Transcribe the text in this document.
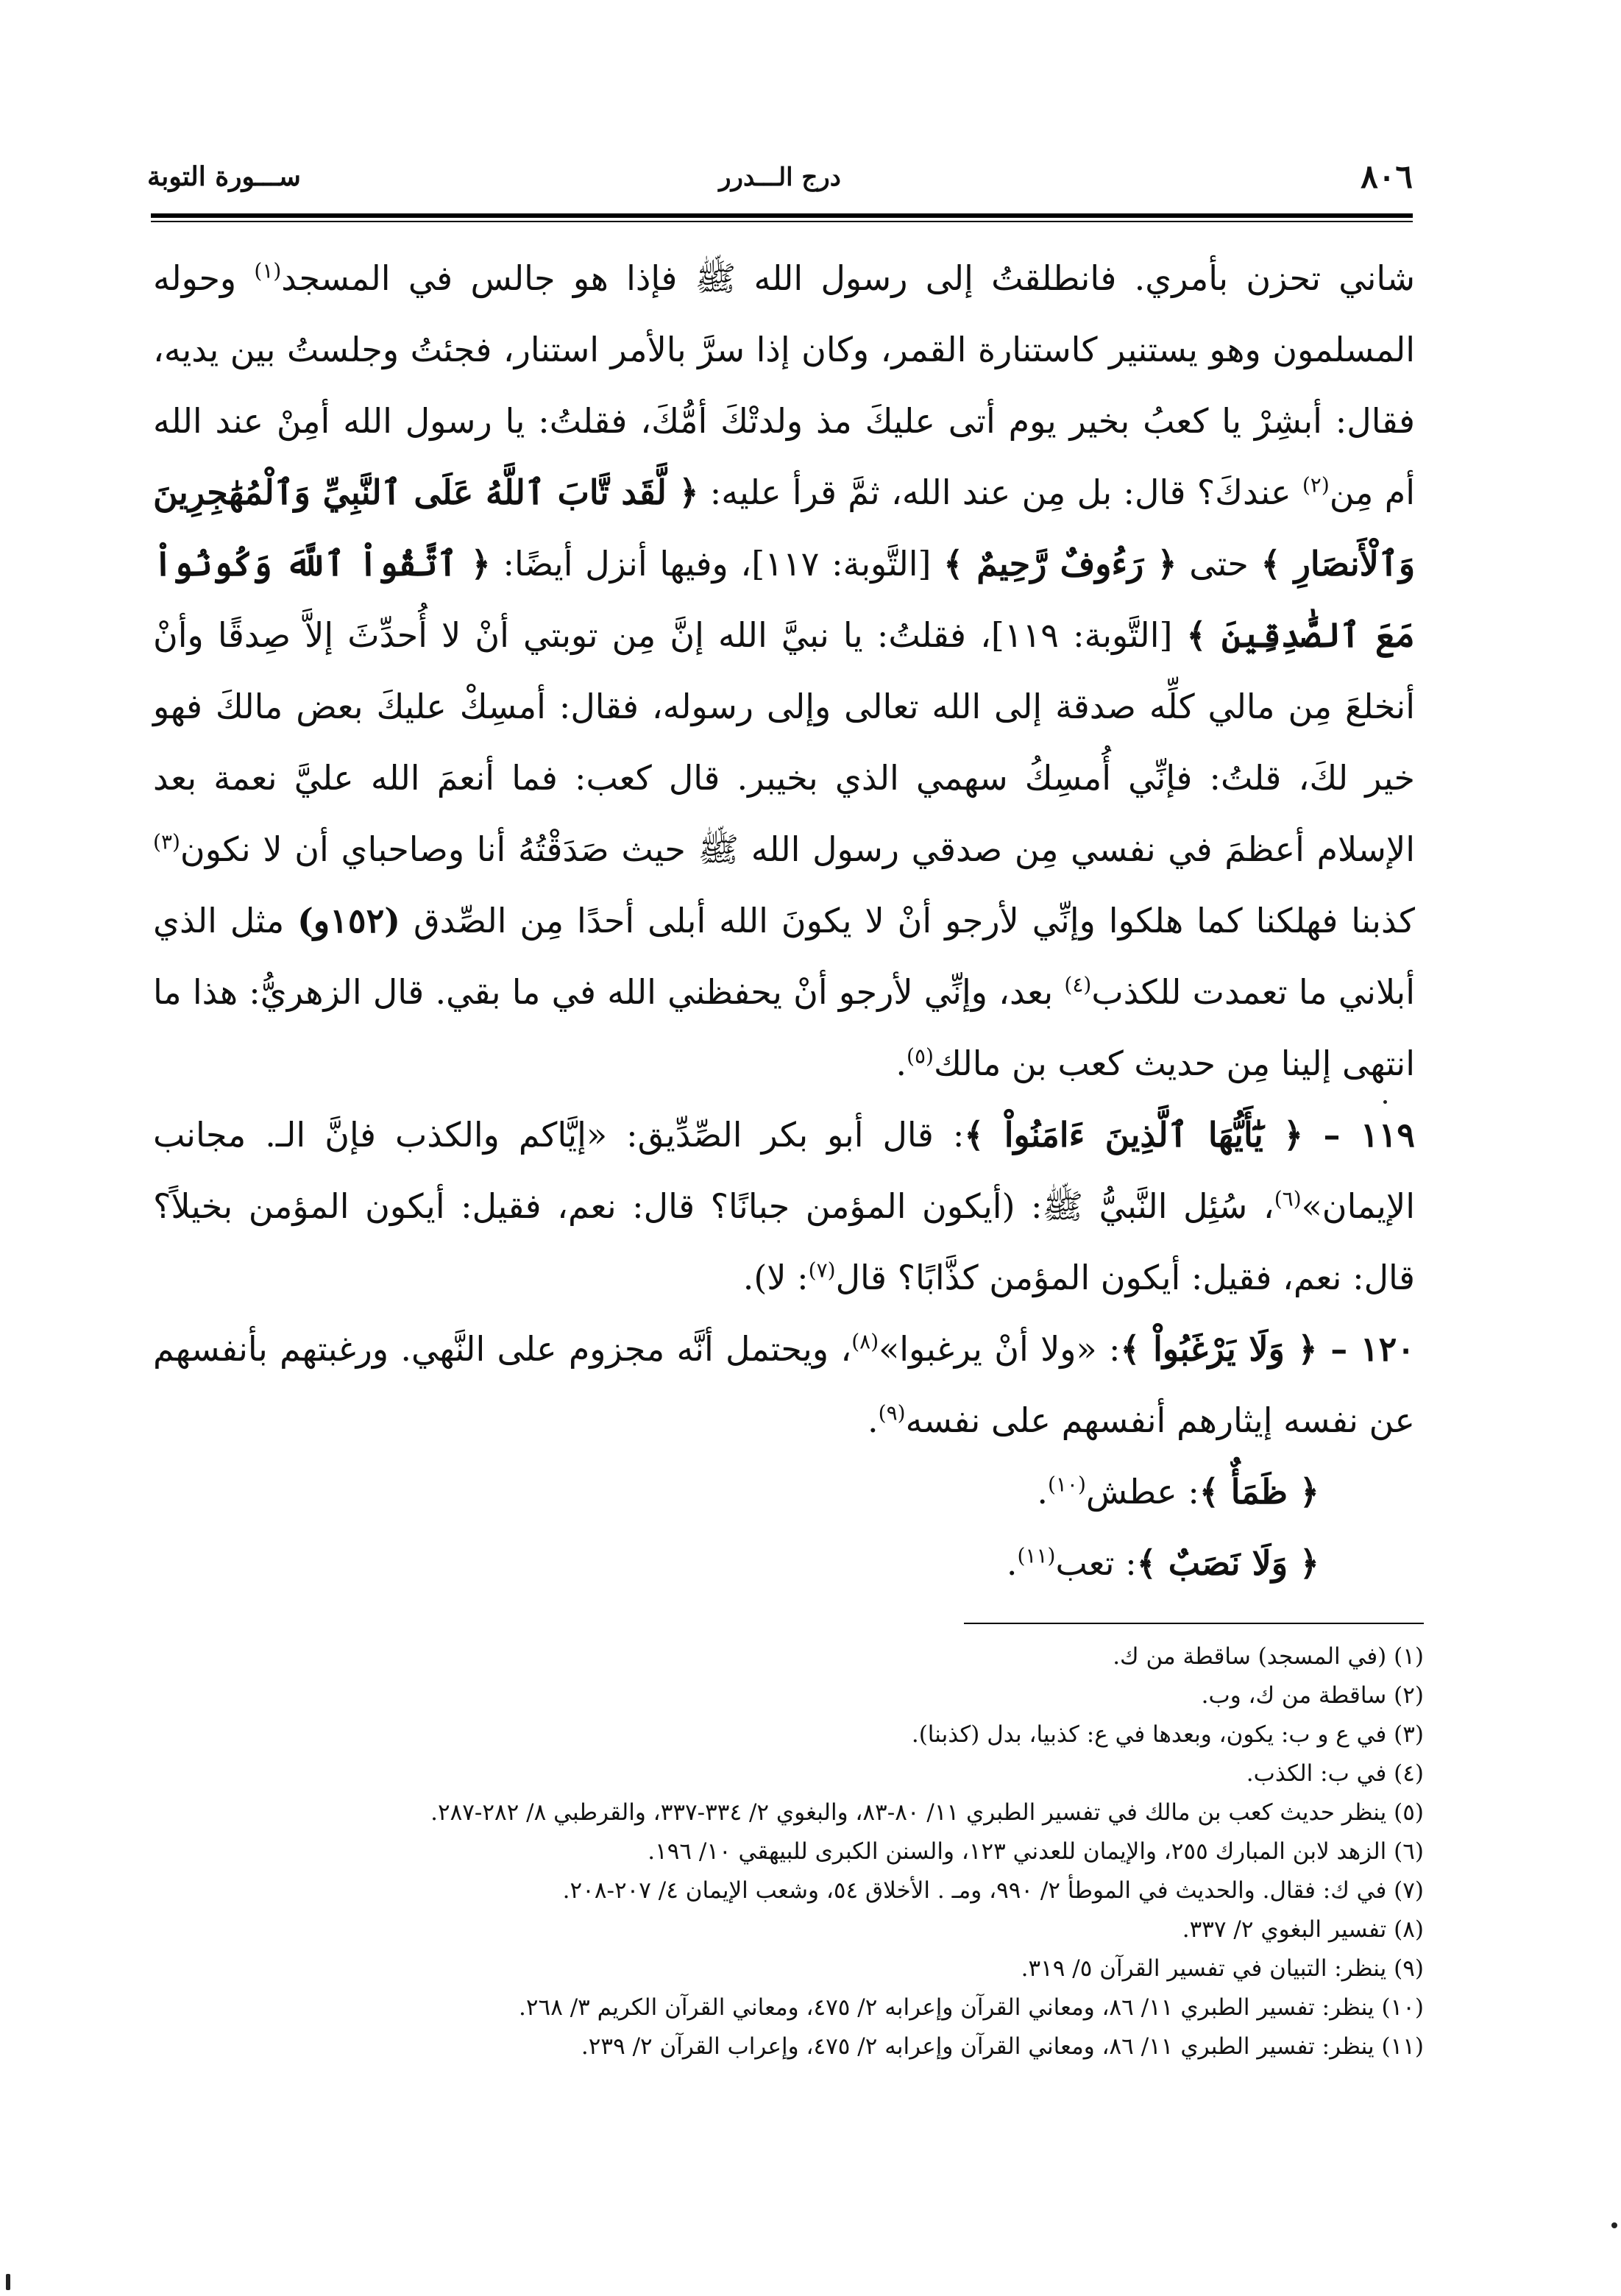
٨٠٦
درج الـــدرر
ســـورة التوبة

شاني تحزن بأمري. فانطلقتُ إلى رسول الله ﷺ فإذا هو جالس في المسجد$^{(١)}$ وحوله المسلمون وهو يستنير كاستنارة القمر، وكان إذا سرَّ بالأمر استنار، فجئتُ وجلستُ بين يديه، فقال: أبشِرْ يا كعبُ بخير يوم أتى عليكَ مذ ولدتْكَ أمُّكَ، فقلتُ: يا رسول الله أمِنْ عند الله أم مِن$^{(٢)}$ عندكَ؟ قال: بل مِن عند الله، ثمَّ قرأ عليه: ﴿ لَّقَد تَّابَ ٱللَّهُ عَلَى ٱلنَّبِيِّ وَٱلْمُهَٰجِرِينَ وَٱلْأَنصَارِ ﴾ حتى ﴿ رَءُوفٌ رَّحِيمٌ ﴾ [التَّوبة: ١١٧]، وفيها أنزل أيضًا: ﴿ ٱتَّقُواْ ٱللَّهَ وَكُونُواْ مَعَ ٱلصَّٰدِقِينَ ﴾ [التَّوبة: ١١٩]، فقلتُ: يا نبيَّ الله إنَّ مِن توبتي أنْ لا أُحدِّثَ إلاَّ صِدقًا وأنْ أنخلعَ مِن مالي كلِّه صدقة إلى الله تعالى وإلى رسوله، فقال: أمسِكْ عليكَ بعض مالكَ فهو خير لكَ، قلتُ: فإنِّي أُمسِكُ سهمي الذي بخيبر. قال كعب: فما أنعمَ الله عليَّ نعمة بعد الإسلام أعظمَ في نفسي مِن صدقي رسول الله ﷺ حيث صَدَقْتُهُ أنا وصاحباي أن لا نكون$^{(٣)}$ كذبنا فهلكنا كما هلكوا وإنِّي لأرجو أنْ لا يكونَ الله أبلى أحدًا مِن الصِّدق (١٥٢و) مثل الذي أبلاني ما تعمدت للكذب$^{(٤)}$ بعد، وإنِّي لأرجو أنْ يحفظني الله في ما بقي. قال الزهريُّ: هذا ما انتهى إلينا مِن حديث كعب بن مالك$^{(٥)}$.

١١٩ – ﴿ يَٰٓأَيُّهَا ٱلَّذِينَ ءَامَنُواْ ﴾: قال أبو بكر الصِّدِّيق: «إيَّاكم والكذب فإنَّ الـ. مجانب الإيمان»$^{(٦)}$، سُئِل النَّبيُّ ﷺ: (أيكون المؤمن جبانًا؟ قال: نعم، فقيل: أيكون المؤمن بخيلاً؟ قال: نعم، فقيل: أيكون المؤمن كذَّابًا؟ قال$^{(٧)}$: لا).

١٢٠ – ﴿ وَلَا يَرْغَبُواْ ﴾: «ولا أنْ يرغبوا»$^{(٨)}$، ويحتمل أنَّه مجزوم على النَّهي. ورغبتهم بأنفسهم عن نفسه إيثارهم أنفسهم على نفسه$^{(٩)}$.

﴿ ظَمَأٌ ﴾: عطش$^{(١٠)}$.

﴿ وَلَا نَصَبٌ ﴾: تعب$^{(١١)}$.

(١) (في المسجد) ساقطة من ك.
(٢) ساقطة من ك، وب.
(٣) في ع و ب: يكون، وبعدها في ع: كذبيا، بدل (كذبنا).
(٤) في ب: الكذب.
(٥) ينظر حديث كعب بن مالك في تفسير الطبري ١١/ ٨٠-٨٣، والبغوي ٢/ ٣٣٤-٣٣٧، والقرطبي ٨/ ٢٨٢-٢٨٧.
(٦) الزهد لابن المبارك ٢٥٥، والإيمان للعدني ١٢٣، والسنن الكبرى للبيهقي ١٠/ ١٩٦.
(٧) في ك: فقال. والحديث في الموطأ ٢/ ٩٩٠، ومـ . الأخلاق ٥٤، وشعب الإيمان ٤/ ٢٠٧-٢٠٨.
(٨) تفسير البغوي ٢/ ٣٣٧.
(٩) ينظر: التبيان في تفسير القرآن ٥/ ٣١٩.
(١٠) ينظر: تفسير الطبري ١١/ ٨٦، ومعاني القرآن وإعرابه ٢/ ٤٧٥، ومعاني القرآن الكريم ٣/ ٢٦٨.
(١١) ينظر: تفسير الطبري ١١/ ٨٦، ومعاني القرآن وإعرابه ٢/ ٤٧٥، وإعراب القرآن ٢/ ٢٣٩.
